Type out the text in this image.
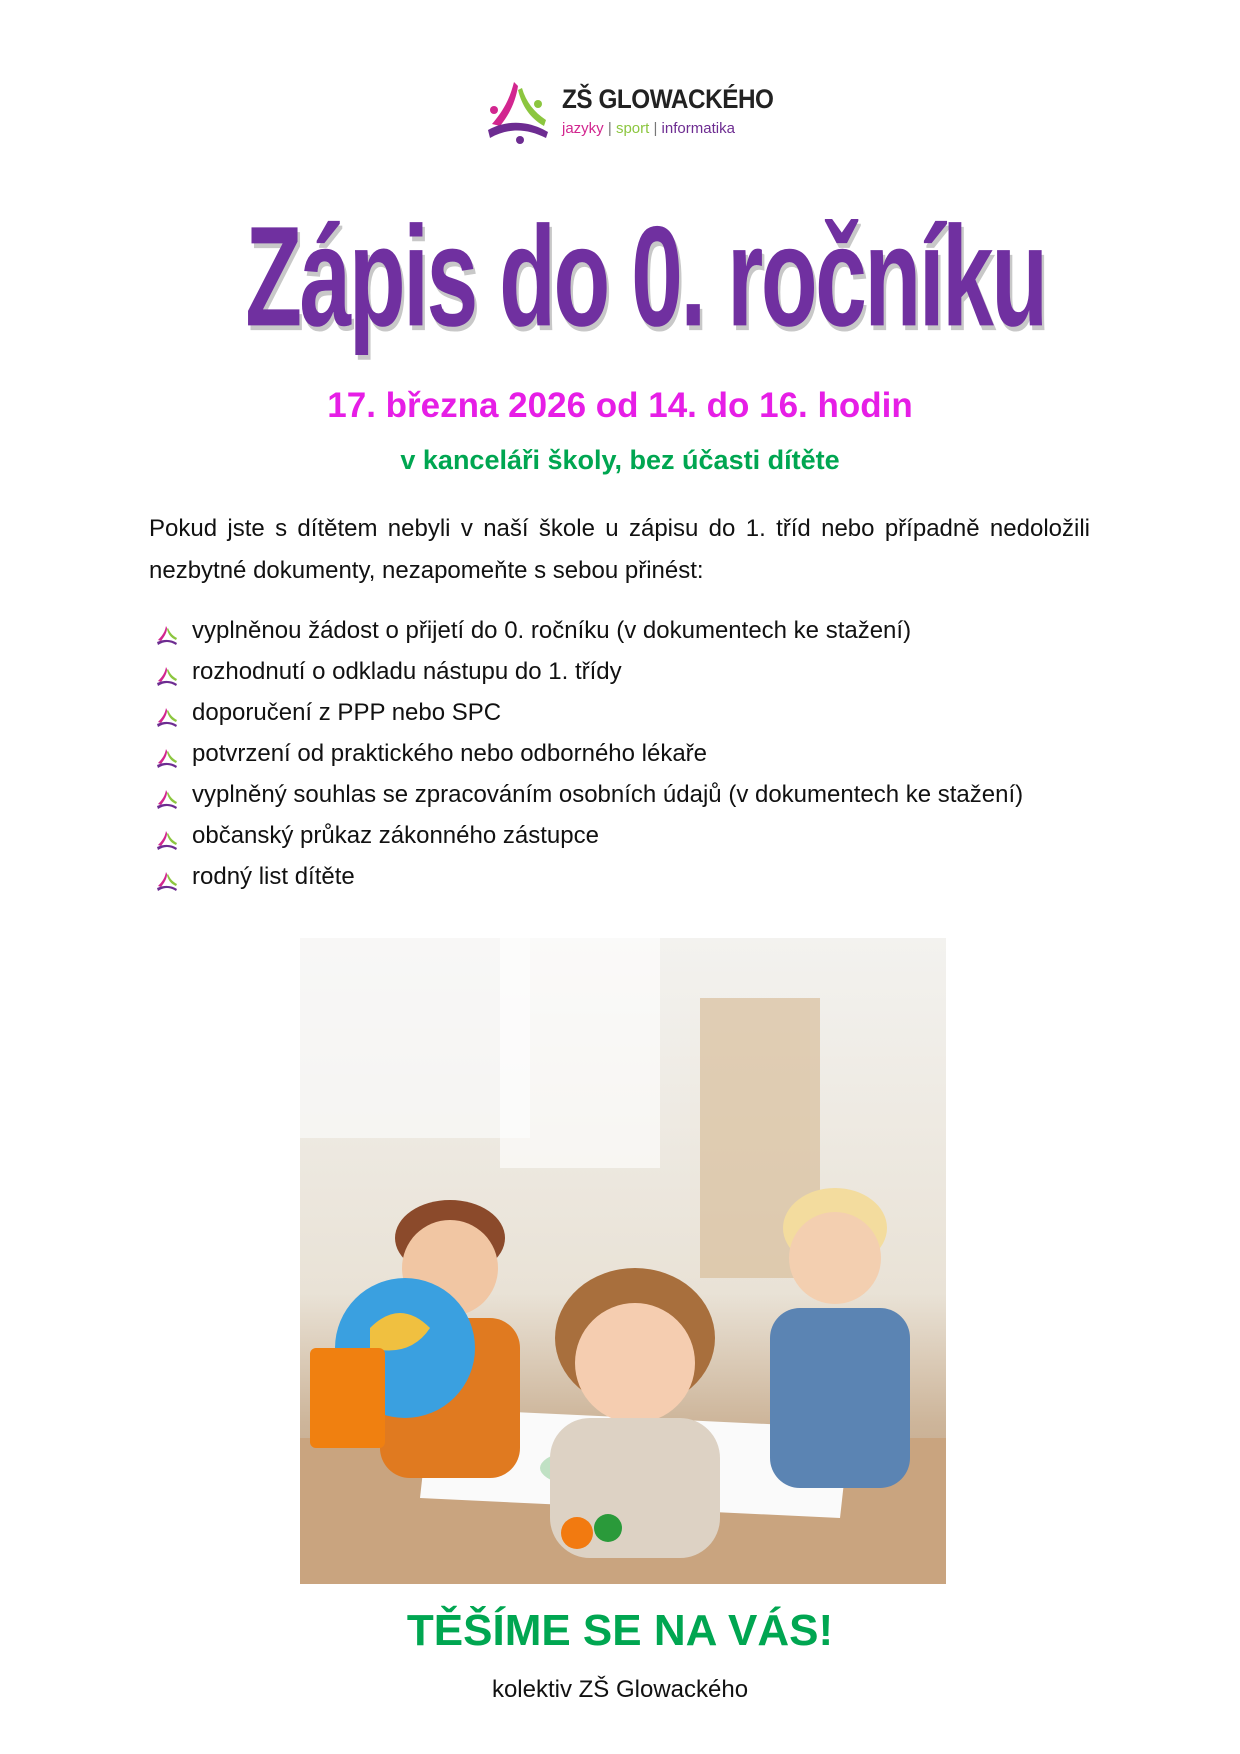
ZŠ GLOWACKÉHO
jazyky | sport | informatika
Zápis do 0. ročníku
17. března 2026 od 14. do 16. hodin
v kanceláři školy, bez účasti dítěte

Pokud jste s dítětem nebyli v naší škole u zápisu do 1. tříd nebo případně nedoložili nezbytné dokumenty, nezapomeňte s sebou přinést:

vyplněnou žádost o přijetí do 0. ročníku (v dokumentech ke stažení)
rozhodnutí o odkladu nástupu do 1. třídy
doporučení z PPP nebo SPC
potvrzení od praktického nebo odborného lékaře
vyplněný souhlas se zpracováním osobních údajů (v dokumentech ke stažení)
občanský průkaz zákonného zástupce
rodný list dítěte
TĚŠÍME SE NA VÁS!
kolektiv ZŠ Glowackého
